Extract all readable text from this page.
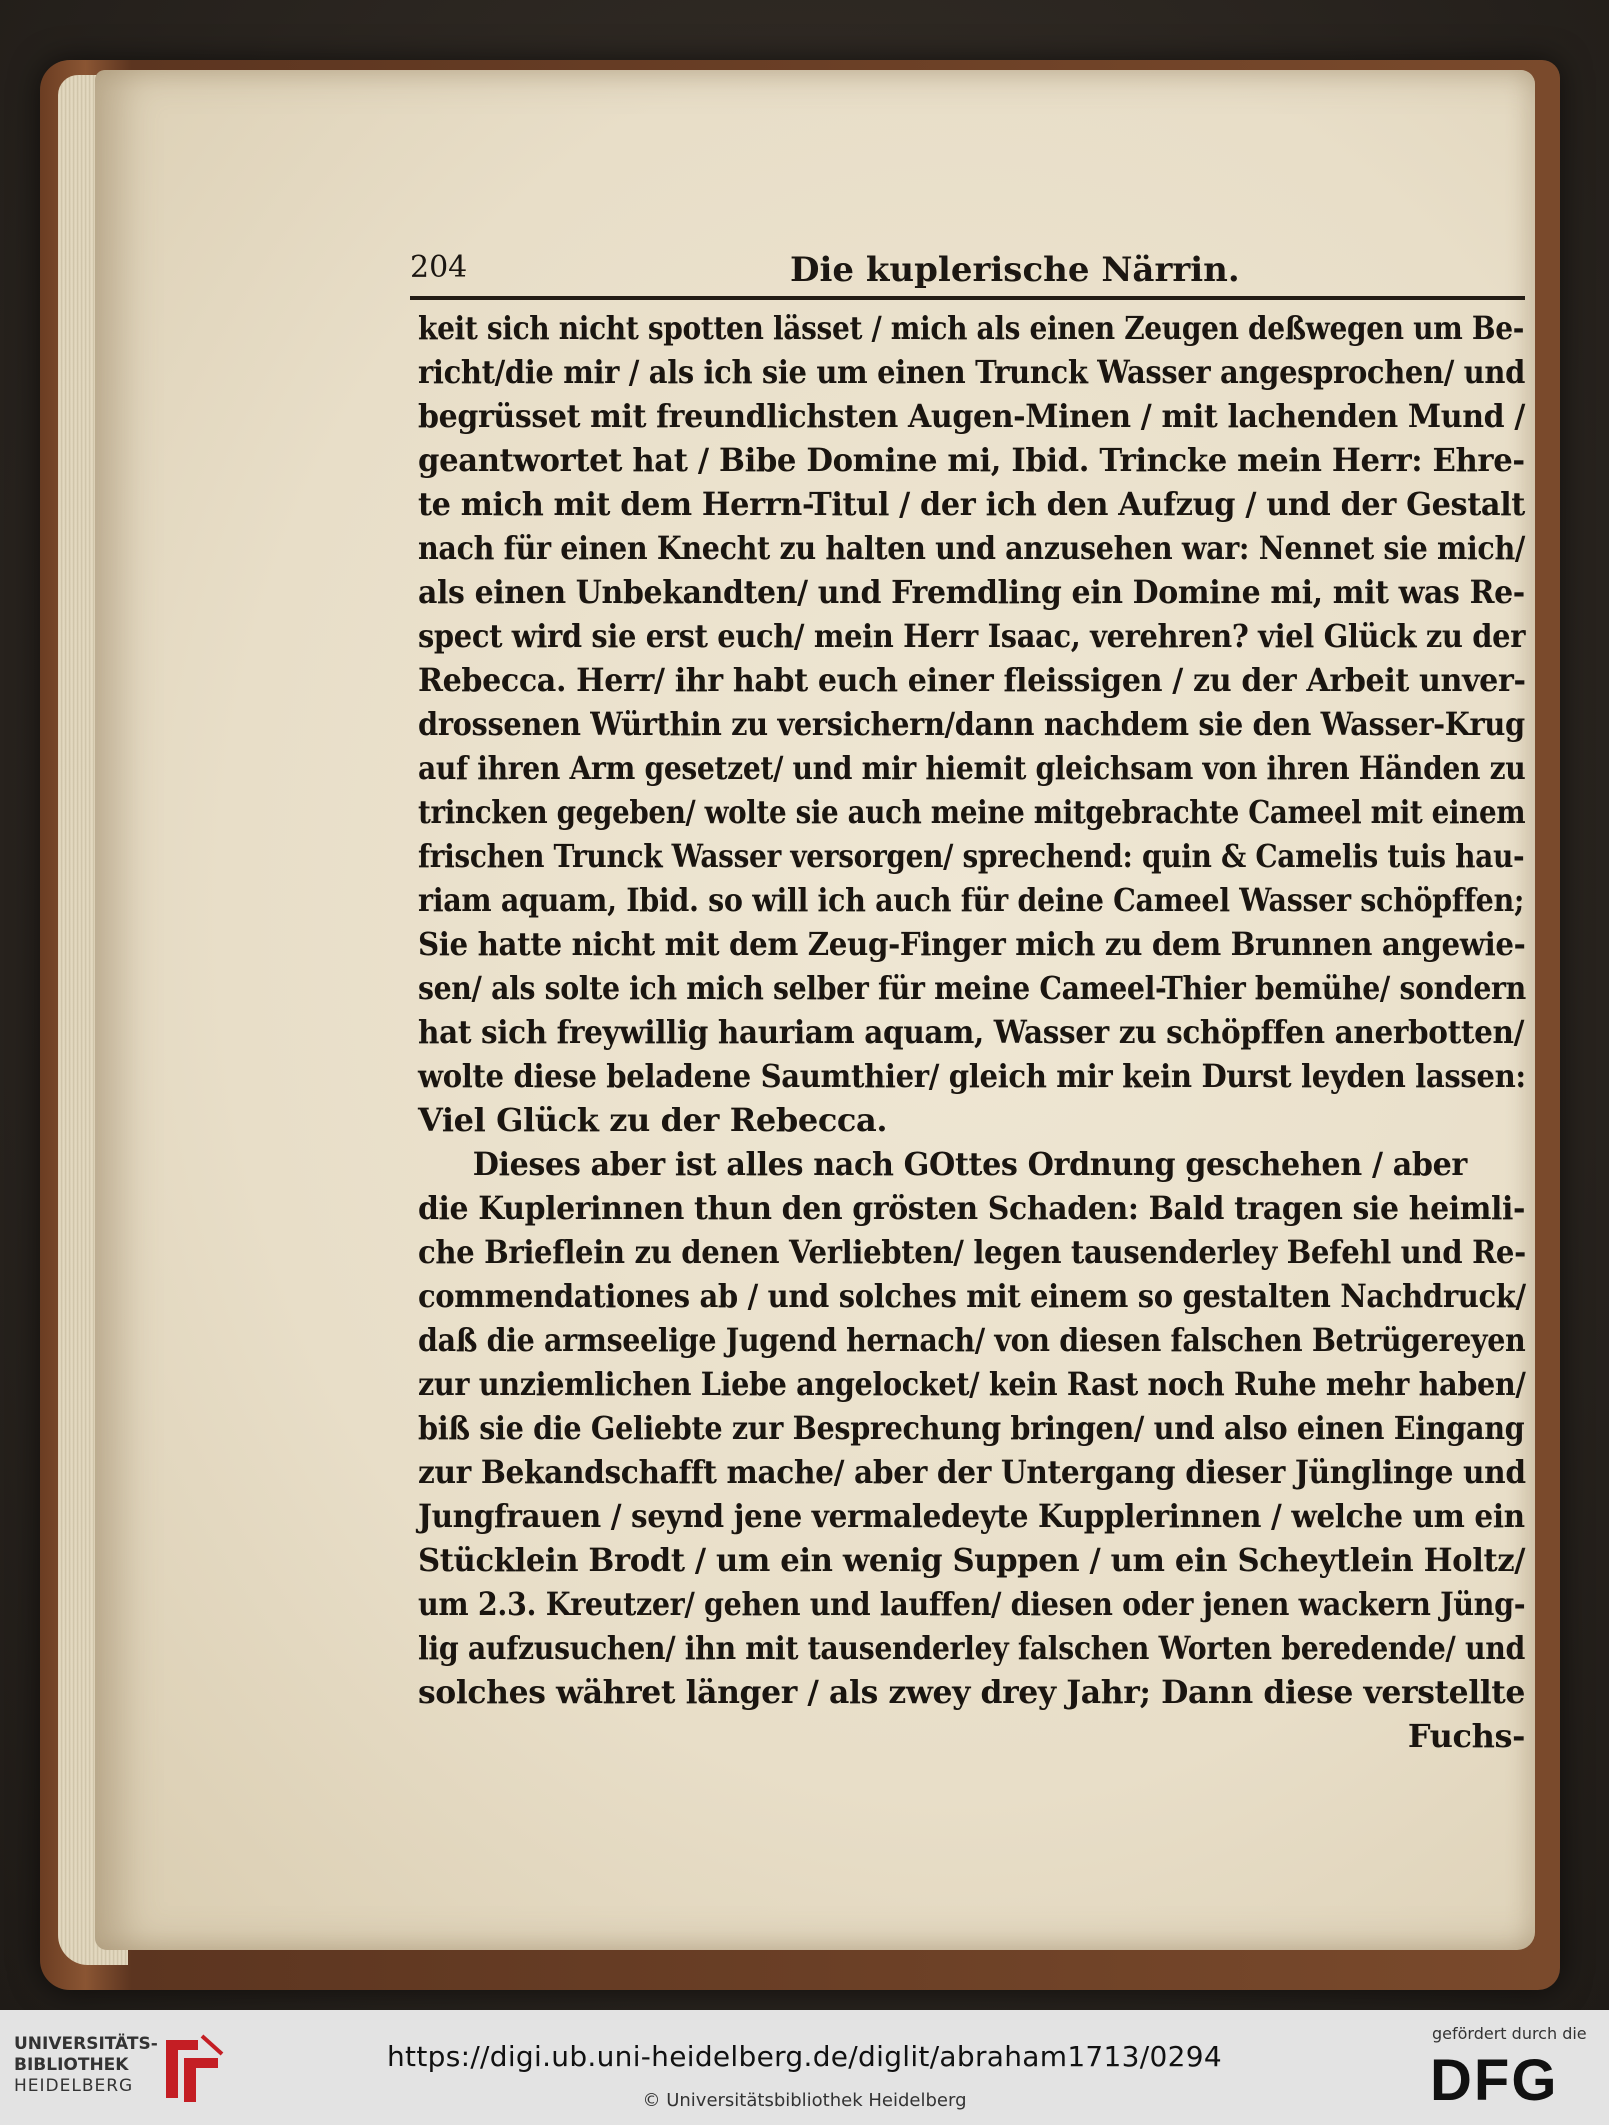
204	Die kuplerische Närrin.
keit sich nicht spotten lässet / mich als einen Zeugen deßwegen um Be-
richt/die mir / als ich sie um einen Trunck Wasser angesprochen/ und
begrüsset mit freundlichsten Augen-Minen / mit lachenden Mund /
geantwortet hat / Bibe Domine mi, Ibid. Trincke mein Herr: Ehre-
te mich mit dem Herrn-Titul / der ich den Aufzug / und der Gestalt
nach für einen Knecht zu halten und anzusehen war: Nennet sie mich/
als einen Unbekandten/ und Fremdling ein Domine mi, mit was Re-
spect wird sie erst euch/ mein Herr Isaac, verehren? viel Glück zu der
Rebecca. Herr/ ihr habt euch einer fleissigen / zu der Arbeit unver-
drossenen Würthin zu versichern/dann nachdem sie den Wasser-Krug
auf ihren Arm gesetzet/ und mir hiemit gleichsam von ihren Händen zu
trincken gegeben/ wolte sie auch meine mitgebrachte Cameel mit einem
frischen Trunck Wasser versorgen/ sprechend: quin & Camelis tuis hau-
riam aquam, Ibid. so will ich auch für deine Cameel Wasser schöpffen;
Sie hatte nicht mit dem Zeug-Finger mich zu dem Brunnen angewie-
sen/ als solte ich mich selber für meine Cameel-Thier bemühe/ sondern
hat sich freywillig hauriam aquam, Wasser zu schöpffen anerbotten/
wolte diese beladene Saumthier/ gleich mir kein Durst leyden lassen:
Viel Glück zu der Rebecca.
Dieses aber ist alles nach GOttes Ordnung geschehen / aber
die Kuplerinnen thun den grösten Schaden: Bald tragen sie heimli-
che Brieflein zu denen Verliebten/ legen tausenderley Befehl und Re-
commendationes ab / und solches mit einem so gestalten Nachdruck/
daß die armseelige Jugend hernach/ von diesen falschen Betrügereyen
zur unziemlichen Liebe angelocket/ kein Rast noch Ruhe mehr haben/
biß sie die Geliebte zur Besprechung bringen/ und also einen Eingang
zur Bekandschafft mache/ aber der Untergang dieser Jünglinge und
Jungfrauen / seynd jene vermaledeyte Kupplerinnen / welche um ein
Stücklein Brodt / um ein wenig Suppen / um ein Scheytlein Holtz/
um 2.3. Kreutzer/ gehen und lauffen/ diesen oder jenen wackern Jüng-
lig aufzusuchen/ ihn mit tausenderley falschen Worten beredende/ und
solches währet länger / als zwey drey Jahr; Dann diese verstellte
Fuchs-
UNIVERSITÄTS-
BIBLIOTHEK
HEIDELBERG
https://digi.ub.uni-heidelberg.de/diglit/abraham1713/0294
© Universitätsbibliothek Heidelberg
gefördert durch die
DFG
